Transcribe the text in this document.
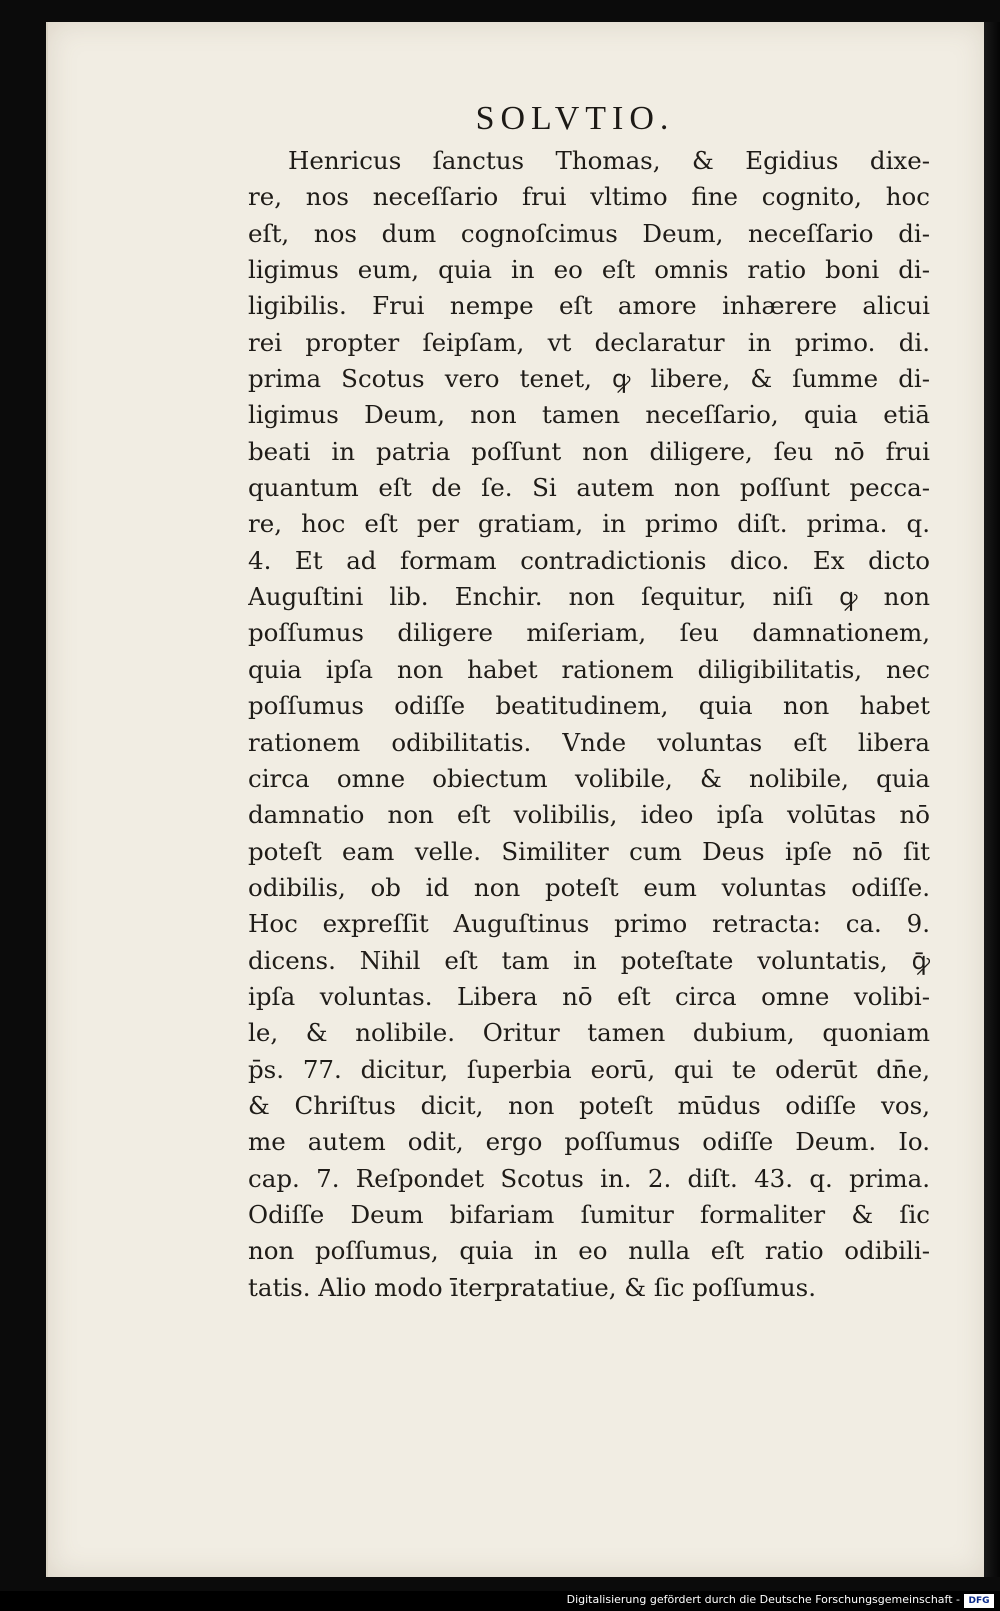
SOLVTIO.
Henricus ſanctus Thomas, & Egidius dixe-
re, nos neceſſario frui vltimo fine cognito, hoc
eſt, nos dum cognoſcimus Deum, neceſſario di-
ligimus eum, quia in eo eſt omnis ratio boni di-
ligibilis. Frui nempe eſt amore inhærere alicui
rei propter ſeipſam, vt declaratur in primo. di.
prima Scotus vero tenet, ꝙ libere, & ſumme di-
ligimus Deum, non tamen neceſſario, quia etiā
beati in patria poſſunt non diligere, ſeu nō frui
quantum eſt de ſe. Si autem non poſſunt pecca-
re, hoc eſt per gratiam, in primo diſt. prima. q.
4. Et ad formam contradictionis dico. Ex dicto
Auguſtini lib. Enchir. non ſequitur, niſi ꝙ non
poſſumus diligere miſeriam, ſeu damnationem,
quia ipſa non habet rationem diligibilitatis, nec
poſſumus odiſſe beatitudinem, quia non habet
rationem odibilitatis. Vnde voluntas eſt libera
circa omne obiectum volibile, & nolibile, quia
damnatio non eſt volibilis, ideo ipſa volūtas nō
poteſt eam velle. Similiter cum Deus ipſe nō ſit
odibilis, ob id non poteſt eum voluntas odiſſe.
Hoc expreſſit Auguſtinus primo retracta: ca. 9.
dicens. Nihil eſt tam in poteſtate voluntatis, ꝙ̄
ipſa voluntas. Libera nō eſt circa omne volibi-
le, & nolibile. Oritur tamen dubium, quoniam
p̄s. 77. dicitur, ſuperbia eorū, qui te oderūt dn̄e,
& Chriſtus dicit, non poteſt mūdus odiſſe vos,
me autem odit, ergo poſſumus odiſſe Deum. Io.
cap. 7. Reſpondet Scotus in. 2. diſt. 43. q. prima.
Odiſſe Deum bifariam ſumitur formaliter & ſic
non poſſumus, quia in eo nulla eſt ratio odibili-
tatis. Alio modo īterpratatiue, & ſic poſſumus.
Digitalisierung gefördert durch die Deutsche Forschungsgemeinschaft - DFG
